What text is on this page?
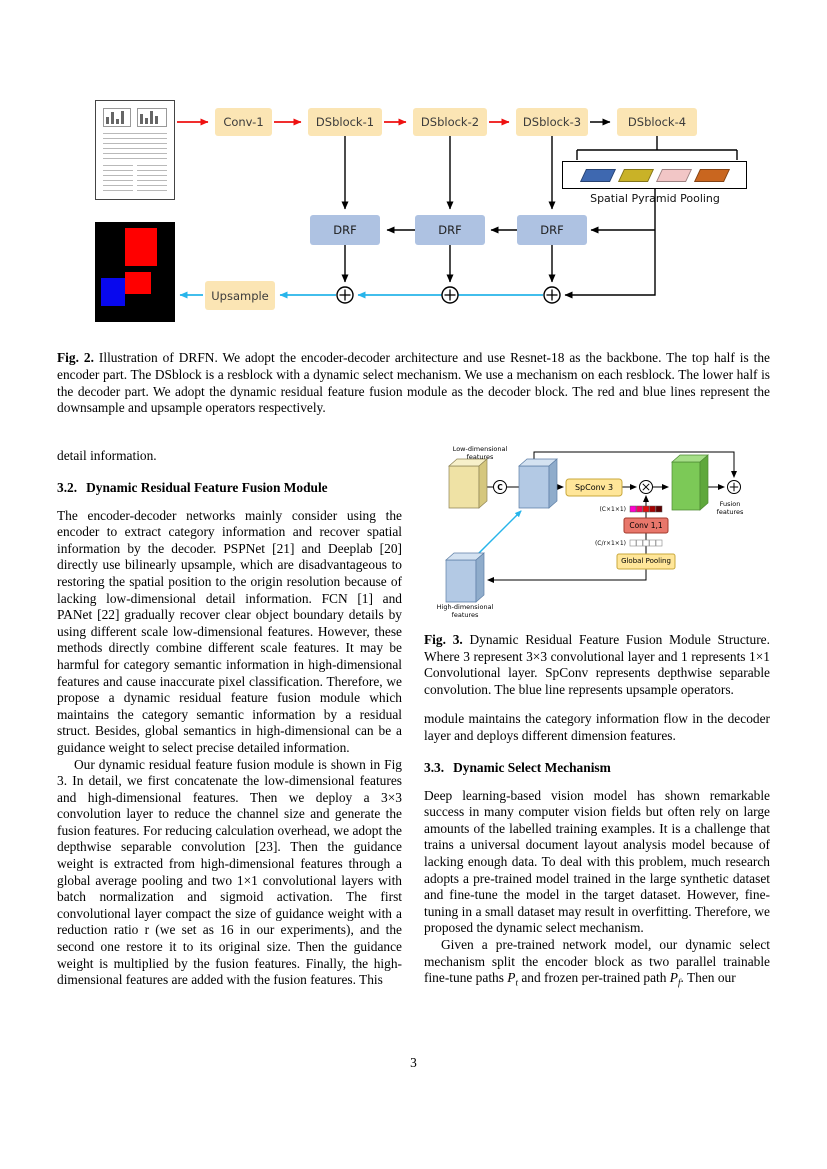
Conv-1	DSblock-1	DSblock-2	DSblock-3	DSblock-4
Spatial Pyramid Pooling
DRF	DRF	DRF
Upsample
Fig. 2. Illustration of DRFN. We adopt the encoder-decoder architecture and use Resnet-18 as the backbone. The top half is the encoder part. The DSblock is a resblock with a dynamic select mechanism. We use a mechanism on each resblock. The lower half is the decoder part. We adopt the dynamic residual feature fusion module as the decoder block. The red and blue lines represent the downsample and upsample operators respectively.

detail information.

3.2. Dynamic Residual Feature Fusion Module

The encoder-decoder networks mainly consider using the encoder to extract category information and recover spatial information by the decoder. PSPNet [21] and Deeplab [20] directly use bilinearly upsample, which are disadvantageous to restoring the spatial position to the origin resolution because of lacking low-dimensional detail information. FCN [1] and PANet [22] gradually recover clear object boundary details by using different scale low-dimensional features. However, these methods directly combine different scale features. It may be harmful for category semantic information in high-dimensional features and cause inaccurate pixel classification. Therefore, we propose a dynamic residual feature fusion module which maintains the category semantic information by a residual struct. Besides, global semantics in high-dimensional can be a guidance weight to select precise detailed information.

Our dynamic residual feature fusion module is shown in Fig 3. In detail, we first concatenate the low-dimensional features and high-dimensional features. Then we deploy a 3×3 convolution layer to reduce the channel size and generate the fusion features. For reducing calculation overhead, we adopt the depthwise separable convolution [23]. Then the guidance weight is extracted from high-dimensional features through a global average pooling and two 1×1 convolutional layers with batch normalization and sigmoid activation. The first convolutional layer compact the size of guidance weight with a reduction ratio r (we set as 16 in our experiments), and the second one restore it to its original size. Then the guidance weight is multiplied by the fusion features. Finally, the high-dimensional features are added with the fusion features. This

Low-dimensional features
C	SpConv 3
Fusion features
(C×1×1)
Conv 1,1
(C/r×1×1)
Global Pooling
High-dimensional features
Fig. 3. Dynamic Residual Feature Fusion Module Structure. Where 3 represent 3×3 convolutional layer and 1 represents 1×1 Convolutional layer. SpConv represents depthwise separable convolution. The blue line represents upsample operators.

module maintains the category information flow in the decoder layer and deploys different dimension features.

3.3. Dynamic Select Mechanism

Deep learning-based vision model has shown remarkable success in many computer vision fields but often rely on large amounts of the labelled training examples. It is a challenge that trains a universal document layout analysis model because of lacking enough data. To deal with this problem, much research adopts a pre-trained model trained in the large synthetic dataset and fine-tune the model in the target dataset. However, fine-tuning in a small dataset may result in overfitting. Therefore, we proposed the dynamic select mechanism.

Given a pre-trained network model, our dynamic select mechanism split the encoder block as two parallel trainable fine-tune paths $P_t$ and frozen per-trained path $P_f$. Then our

3
